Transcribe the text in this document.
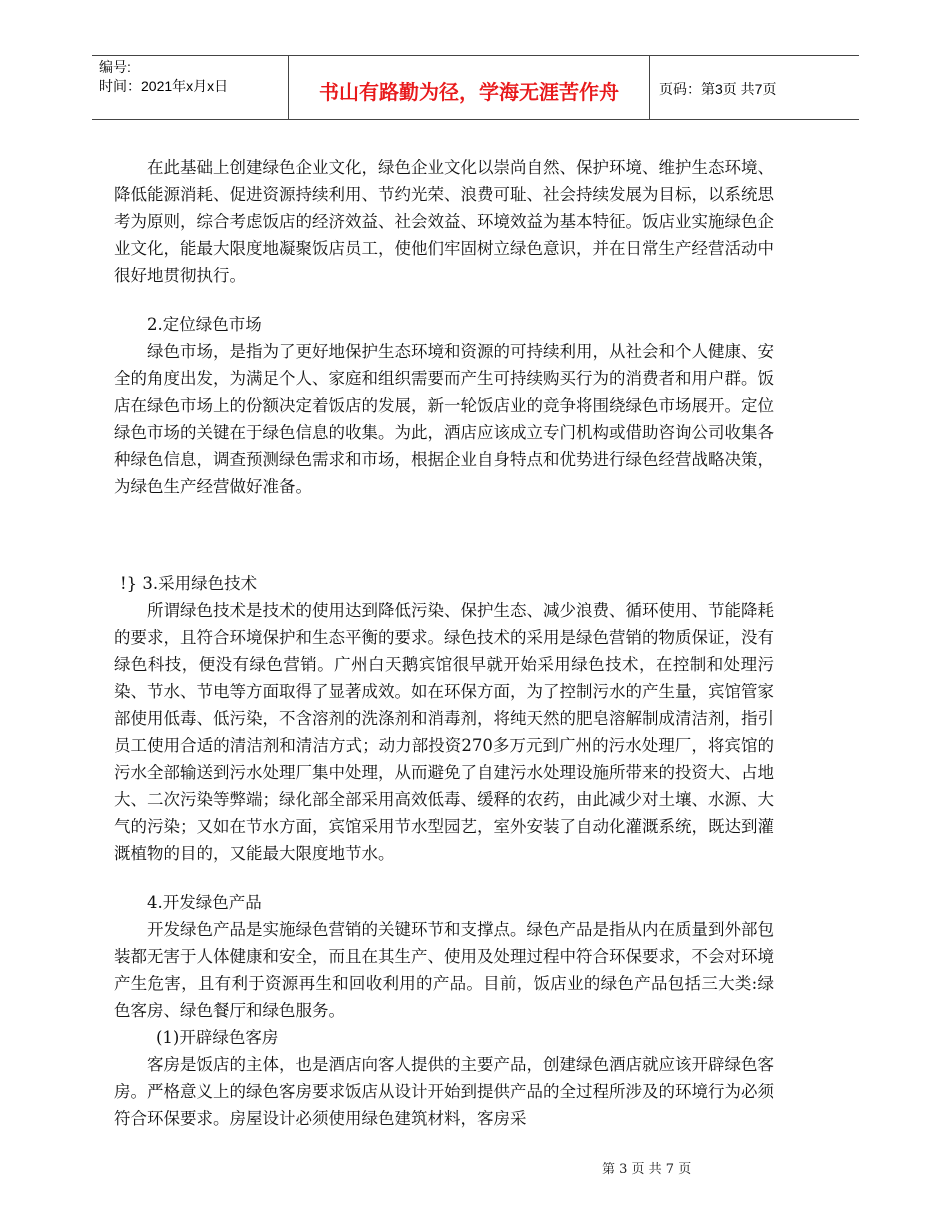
编号:
时间：2021年x月x日	书山有路勤为径，学海无涯苦作舟	页码：第3页 共7页

在此基础上创建绿色企业文化，绿色企业文化以崇尚自然、保护环境、维护生态环境、降低能源消耗、促进资源持续利用、节约光荣、浪费可耻、社会持续发展为目标，以系统思考为原则，综合考虑饭店的经济效益、社会效益、环境效益为基本特征。饭店业实施绿色企业文化，能最大限度地凝聚饭店员工，使他们牢固树立绿色意识，并在日常生产经营活动中很好地贯彻执行。

2.定位绿色市场

绿色市场，是指为了更好地保护生态环境和资源的可持续利用，从社会和个人健康、安全的角度出发，为满足个人、家庭和组织需要而产生可持续购买行为的消费者和用户群。饭店在绿色市场上的份额决定着饭店的发展，新一轮饭店业的竞争将围绕绿色市场展开。定位绿色市场的关键在于绿色信息的收集。为此，酒店应该成立专门机构或借助咨询公司收集各种绿色信息，调查预测绿色需求和市场，根据企业自身特点和优势进行绿色经营战略决策，为绿色生产经营做好准备。

!} 3.采用绿色技术

所谓绿色技术是技术的使用达到降低污染、保护生态、减少浪费、循环使用、节能降耗的要求，且符合环境保护和生态平衡的要求。绿色技术的采用是绿色营销的物质保证，没有绿色科技，便没有绿色营销。广州白天鹅宾馆很早就开始采用绿色技术，在控制和处理污染、节水、节电等方面取得了显著成效。如在环保方面，为了控制污水的产生量，宾馆管家部使用低毒、低污染，不含溶剂的洗涤剂和消毒剂，将纯天然的肥皂溶解制成清洁剂，指引员工使用合适的清洁剂和清洁方式；动力部投资270多万元到广州的污水处理厂，将宾馆的污水全部输送到污水处理厂集中处理，从而避免了自建污水处理设施所带来的投资大、占地大、二次污染等弊端；绿化部全部采用高效低毒、缓释的农药，由此减少对土壤、水源、大气的污染；又如在节水方面，宾馆采用节水型园艺，室外安装了自动化灌溉系统，既达到灌溉植物的目的，又能最大限度地节水。

4.开发绿色产品

开发绿色产品是实施绿色营销的关键环节和支撑点。绿色产品是指从内在质量到外部包装都无害于人体健康和安全，而且在其生产、使用及处理过程中符合环保要求，不会对环境产生危害，且有利于资源再生和回收利用的产品。目前，饭店业的绿色产品包括三大类:绿色客房、绿色餐厅和绿色服务。

(1)开辟绿色客房

客房是饭店的主体，也是酒店向客人提供的主要产品，创建绿色酒店就应该开辟绿色客房。严格意义上的绿色客房要求饭店从设计开始到提供产品的全过程所涉及的环境行为必须符合环保要求。房屋设计必须使用绿色建筑材料，客房采

第 3 页 共 7 页
